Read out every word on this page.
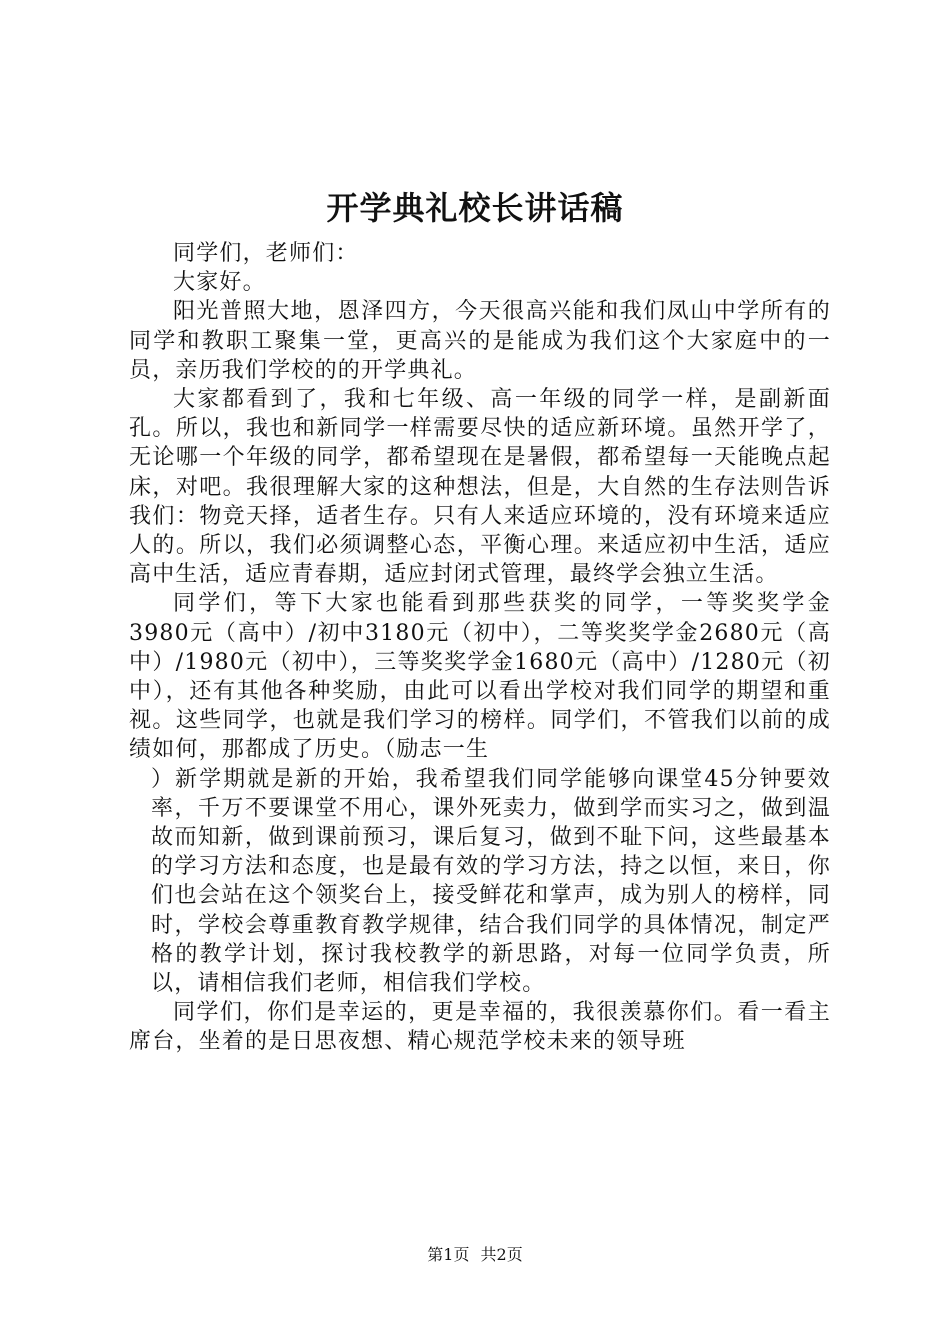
开学典礼校长讲话稿

同学们，老师们：

大家好。

阳光普照大地，恩泽四方，今天很高兴能和我们凤山中学所有的同学和教职工聚集一堂，更高兴的是能成为我们这个大家庭中的一员，亲历我们学校的的开学典礼。

大家都看到了，我和七年级、高一年级的同学一样，是副新面孔。所以，我也和新同学一样需要尽快的适应新环境。虽然开学了，无论哪一个年级的同学，都希望现在是暑假，都希望每一天能晚点起床，对吧。我很理解大家的这种想法，但是，大自然的生存法则告诉我们：物竞天择，适者生存。只有人来适应环境的，没有环境来适应人的。所以，我们必须调整心态，平衡心理。来适应初中生活，适应高中生活，适应青春期，适应封闭式管理，最终学会独立生活。

同学们，等下大家也能看到那些获奖的同学，一等奖奖学金3980元（高中）/初中3180元（初中），二等奖奖学金2680元（高中）/1980元（初中），三等奖奖学金1680元（高中）/1280元（初中），还有其他各种奖励，由此可以看出学校对我们同学的期望和重视。这些同学，也就是我们学习的榜样。同学们，不管我们以前的成绩如何，那都成了历史。（励志一生

）新学期就是新的开始，我希望我们同学能够向课堂45分钟要效率，千万不要课堂不用心，课外死卖力，做到学而实习之，做到温故而知新，做到课前预习，课后复习，做到不耻下问，这些最基本的学习方法和态度，也是最有效的学习方法，持之以恒，来日，你们也会站在这个领奖台上，接受鲜花和掌声，成为别人的榜样，同时，学校会尊重教育教学规律，结合我们同学的具体情况，制定严格的教学计划，探讨我校教学的新思路，对每一位同学负责，所以，请相信我们老师，相信我们学校。

同学们，你们是幸运的，更是幸福的，我很羡慕你们。看一看主席台，坐着的是日思夜想、精心规范学校未来的领导班

第1页 共2页
